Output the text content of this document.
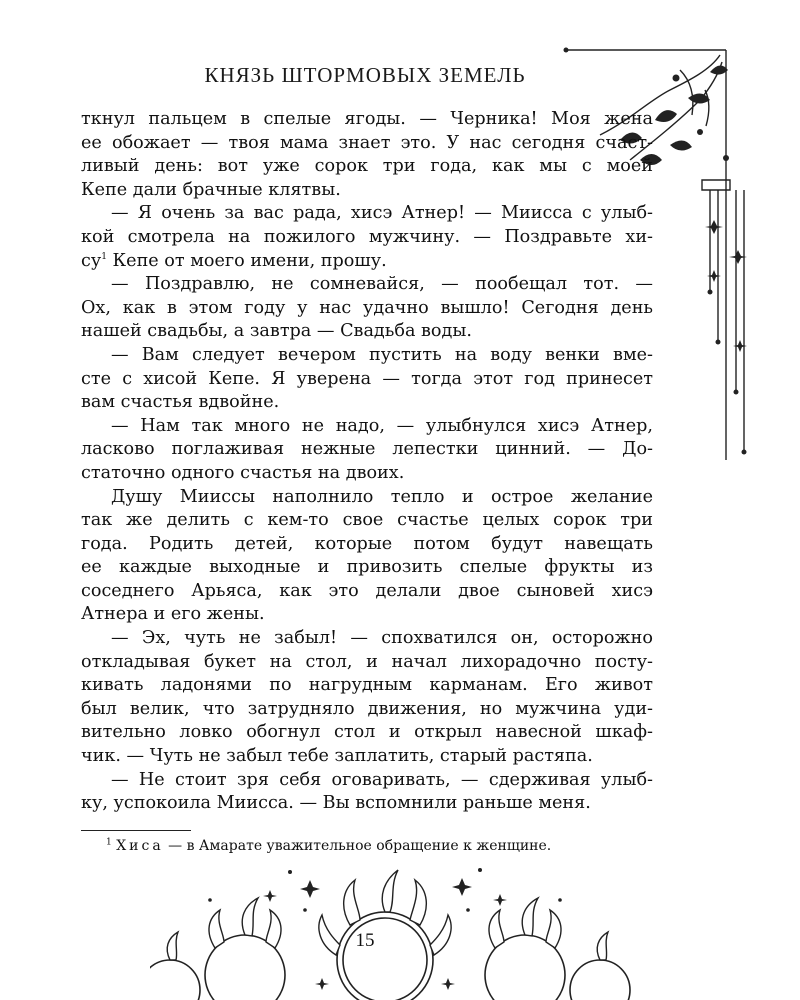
КНЯЗЬ ШТОРМОВЫХ ЗЕМЕЛЬ
ткнул пальцем в спелые ягоды. — Черника! Моя жена
ее обожает — твоя мама знает это. У нас сегодня счаст-
ливый день: вот уже сорок три года, как мы с моей
Кепе дали брачные клятвы.
— Я очень за вас рада, хисэ Атнер! — Миисса с улыб-
кой смотрела на пожилого мужчину. — Поздравьте хи-
$су^1$ Кепе от моего имени, прошу.
— Поздравлю, не сомневайся, — пообещал тот. —
Ох, как в этом году у нас удачно вышло! Сегодня день
нашей свадьбы, а завтра — Свадьба воды.
— Вам следует вечером пустить на воду венки вме-
сте с хисой Кепе. Я уверена — тогда этот год принесет
вам счастья вдвойне.
— Нам так много не надо, — улыбнулся хисэ Атнер,
ласково поглаживая нежные лепестки цинний. — До-
статочно одного счастья на двоих.
Душу Мииссы наполнило тепло и острое желание
так же делить с кем-то свое счастье целых сорок три
года. Родить детей, которые потом будут навещать
ее каждые выходные и привозить спелые фрукты из
соседнего Арьяса, как это делали двое сыновей хисэ
Атнера и его жены.
— Эх, чуть не забыл! — спохватился он, осторожно
откладывая букет на стол, и начал лихорадочно посту-
кивать ладонями по нагрудным карманам. Его живот
был велик, что затрудняло движения, но мужчина уди-
вительно ловко обогнул стол и открыл навесной шкаф-
чик. — Чуть не забыл тебе заплатить, старый растяпа.
— Не стоит зря себя оговаривать, — сдерживая улыб-
ку, успокоила Миисса. — Вы вспомнили раньше меня.
$^1$ Хиса — в Амарате уважительное обращение к женщине.
15
